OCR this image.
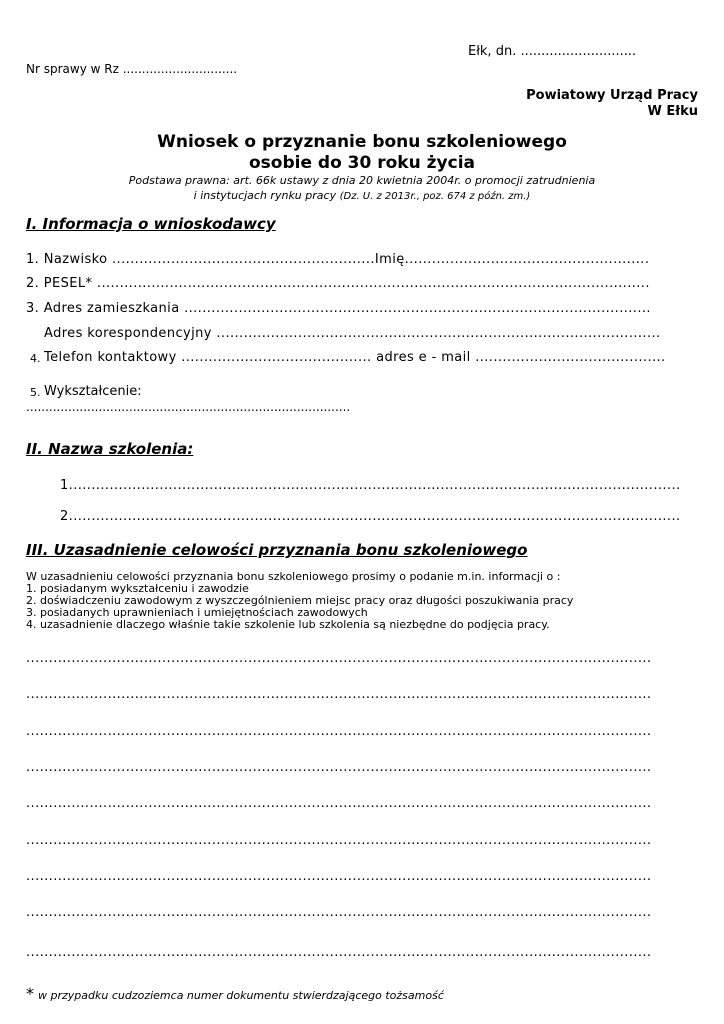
Ełk, dn. ............................
Nr sprawy w Rz ..............................
Powiatowy Urząd Pracy
W Ełku
Wniosek o przyznanie bonu szkoleniowego
osobie do 30 roku życia
Podstawa prawna: art. 66k ustawy z dnia 20 kwietnia 2004r. o promocji zatrudnienia
i instytucjach rynku pracy (Dz. U. z 2013r., poz. 674 z późn. zm.)
I. Informacja o wnioskodawcy
1. Nazwisko ..........................................................Imię......................................................
2. PESEL* ..........................................................................................................................
3. Adres zamieszkania .......................................................................................................
Adres korespondencyjny ..................................................................................................
4. Telefon kontaktowy .......................................... adres e - mail ..........................................
5. Wykształcenie:
.....................................................................................
II. Nazwa szkolenia:
1.......................................................................................................................................
2.......................................................................................................................................
III. Uzasadnienie celowości przyznania bonu szkoleniowego
W uzasadnieniu celowości przyznania bonu szkoleniowego prosimy o podanie m.in. informacji o :
1. posiadanym wykształceniu i zawodzie
2. doświadczeniu zawodowym z wyszczególnieniem miejsc pracy oraz długości poszukiwania pracy
3. posiadanych uprawnieniach i umiejętnościach zawodowych
4. uzasadnienie dlaczego właśnie takie szkolenie lub szkolenia są niezbędne do podjęcia pracy.
..........................................................................................................................................
..........................................................................................................................................
..........................................................................................................................................
..........................................................................................................................................
..........................................................................................................................................
..........................................................................................................................................
..........................................................................................................................................
..........................................................................................................................................
..........................................................................................................................................
* w przypadku cudzoziemca numer dokumentu stwierdzającego tożsamość
